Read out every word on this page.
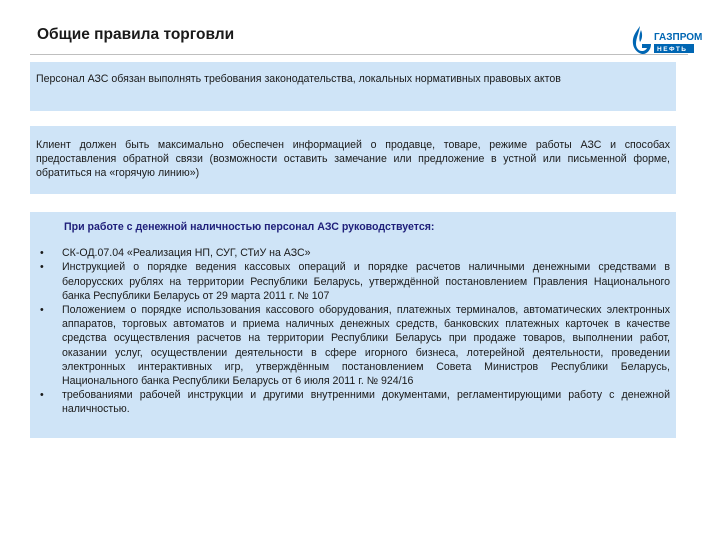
Общие правила торговли	ГАЗПРОМ
НЕФТЬ
Персонал АЗС обязан выполнять требования законодательства, локальных нормативных правовых актов
Клиент должен быть максимально обеспечен информацией о продавце, товаре, режиме работы АЗС и способах предоставления обратной связи (возможности оставить замечание или предложение в устной или письменной форме, обратиться на «горячую линию»)
При работе с денежной наличностью персонал АЗС руководствуется:
• СК-ОД.07.04 «Реализация НП, СУГ, СТиУ на АЗС»
• Инструкцией о порядке ведения кассовых операций и порядке расчетов наличными денежными средствами в белорусских рублях на территории Республики Беларусь, утверждённой постановлением Правления Национального банка Республики Беларусь от 29 марта 2011 г. № 107
• Положением о порядке использования кассового оборудования, платежных терминалов, автоматических электронных аппаратов, торговых автоматов и приема наличных денежных средств, банковских платежных карточек в качестве средства осуществления расчетов на территории Республики Беларусь при продаже товаров, выполнении работ, оказании услуг, осуществлении деятельности в сфере игорного бизнеса, лотерейной деятельности, проведении электронных интерактивных игр, утверждённым постановлением Совета Министров Республики Беларусь, Национального банка Республики Беларусь от 6 июля 2011 г. № 924/16
• требованиями рабочей инструкции и другими внутренними документами, регламентирующими работу с денежной наличностью.
